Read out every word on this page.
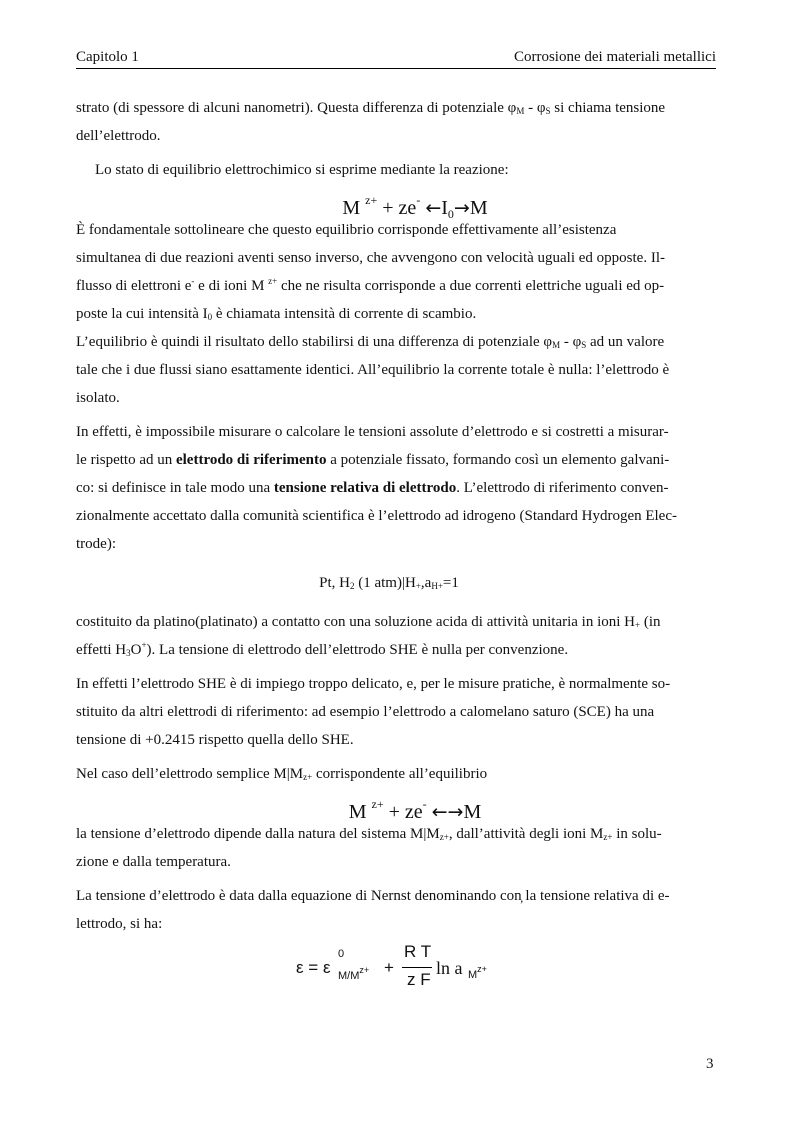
Capitolo 1	Corrosione dei materiali metallici
strato (di spessore di alcuni nanometri). Questa differenza di potenziale $\varphi_M - \varphi_S$ si chiama tensione
dell’elettrodo.
Lo stato di equilibrio elettrochimico si esprime mediante la reazione:
M $^{z+}$ + ze- $\leftarrow I_0\to M$
È fondamentale sottolineare che questo equilibrio corrisponde effettivamente all’esistenza
simultanea di due reazioni aventi senso inverso, che avvengono con velocità uguali ed opposte. Il-
flusso di elettroni e- e di ioni M $^{z+}$ che ne risulta corrisponde a due correnti elettriche uguali ed op-
poste la cui intensità $I_0$ è chiamata intensità di corrente di scambio.
L’equilibrio è quindi il risultato dello stabilirsi di una differenza di potenziale $\varphi_M - \varphi_S$ ad un valore
tale che i due flussi siano esattamente identici. All’equilibrio la corrente totale è nulla: l’elettrodo è
isolato.
In effetti, è impossibile misurare o calcolare le tensioni assolute d’elettrodo e si costretti a misurar-
le rispetto ad un elettrodo di riferimento a potenziale fissato, formando così un elemento galvani-
co: si definisce in tale modo una tensione relativa di elettrodo. L’elettrodo di riferimento conven-
zionalmente accettato dalla comunità scientifica è l’elettrodo ad idrogeno (Standard Hydrogen Elec-
trode):
Pt, $H_2$ (1 $atm)|H_+,a_{H+}=1$
costituito da platino(platinato) a contatto con una soluzione acida di attività unitaria in ioni $H_+$ (in
effetti $H_3O^+$). La tensione di elettrodo dell’elettrodo SHE è nulla per convenzione.
In effetti l’elettrodo SHE è di impiego troppo delicato, e, per le misure pratiche, è normalmente so-
stituito da altri elettrodi di riferimento: ad esempio l’elettrodo a calomelano saturo (SCE) ha una
tensione di +0.2415 rispetto quella dello SHE.
Nel caso dell’elettrodo semplice $M|M_{z+}$ corrispondente all’equilibrio
M $^{z+}$ + ze- ←→M
la tensione d’elettrodo dipende dalla natura del sistema $M|M_{z+}$, dall’attività degli ioni $M_{z+}$ in solu-
zione e dalla temperatura.
La tensione d’elettrodo è data dalla equazione di Nernst denominando con̦ la tensione relativa di e-
lettrodo, si ha:
ε = ε
0
$M/M^{z+}$ +
R T
z F
ln a $M^{z+}$
3
